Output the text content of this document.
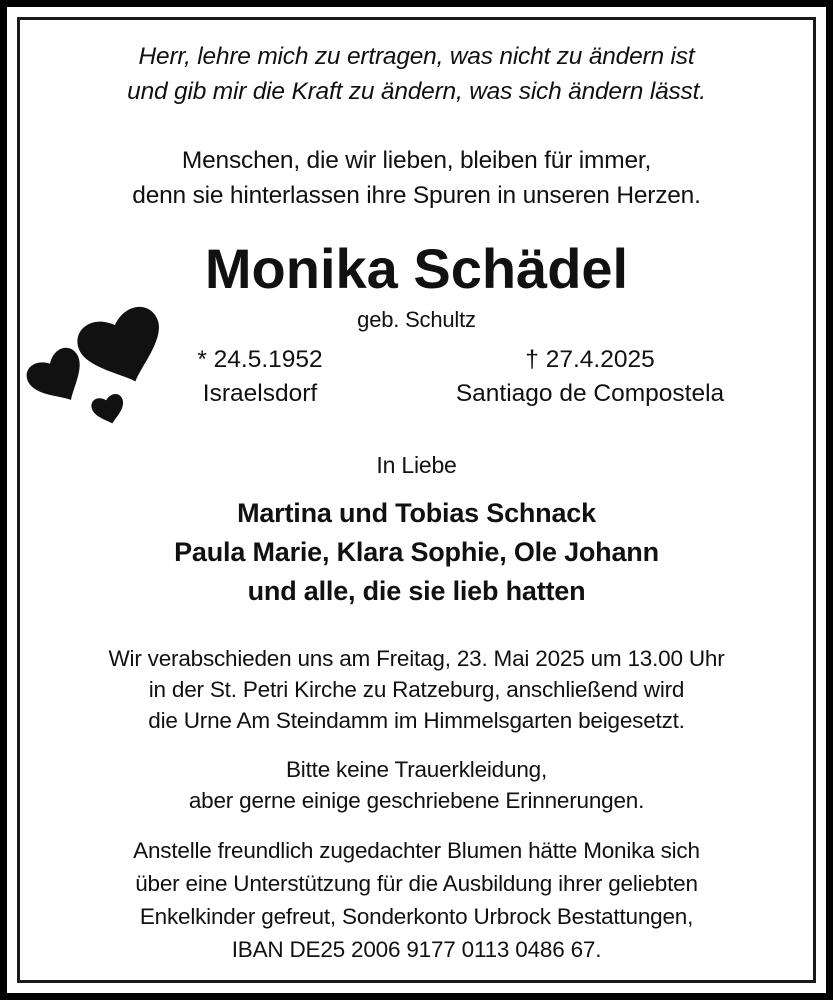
Herr, lehre mich zu ertragen, was nicht zu ändern ist
und gib mir die Kraft zu ändern, was sich ändern lässt.
Menschen, die wir lieben, bleiben für immer,
denn sie hinterlassen ihre Spuren in unseren Herzen.
Monika Schädel
geb. Schultz
* 24.5.1952
Israelsdorf
† 27.4.2025
Santiago de Compostela
In Liebe
Martina und Tobias Schnack
Paula Marie, Klara Sophie, Ole Johann
und alle, die sie lieb hatten
Wir verabschieden uns am Freitag, 23. Mai 2025 um 13.00 Uhr
in der St. Petri Kirche zu Ratzeburg, anschließend wird
die Urne Am Steindamm im Himmelsgarten beigesetzt.
Bitte keine Trauerkleidung,
aber gerne einige geschriebene Erinnerungen.
Anstelle freundlich zugedachter Blumen hätte Monika sich
über eine Unterstützung für die Ausbildung ihrer geliebten
Enkelkinder gefreut, Sonderkonto Urbrock Bestattungen,
IBAN DE25 2006 9177 0113 0486 67.
